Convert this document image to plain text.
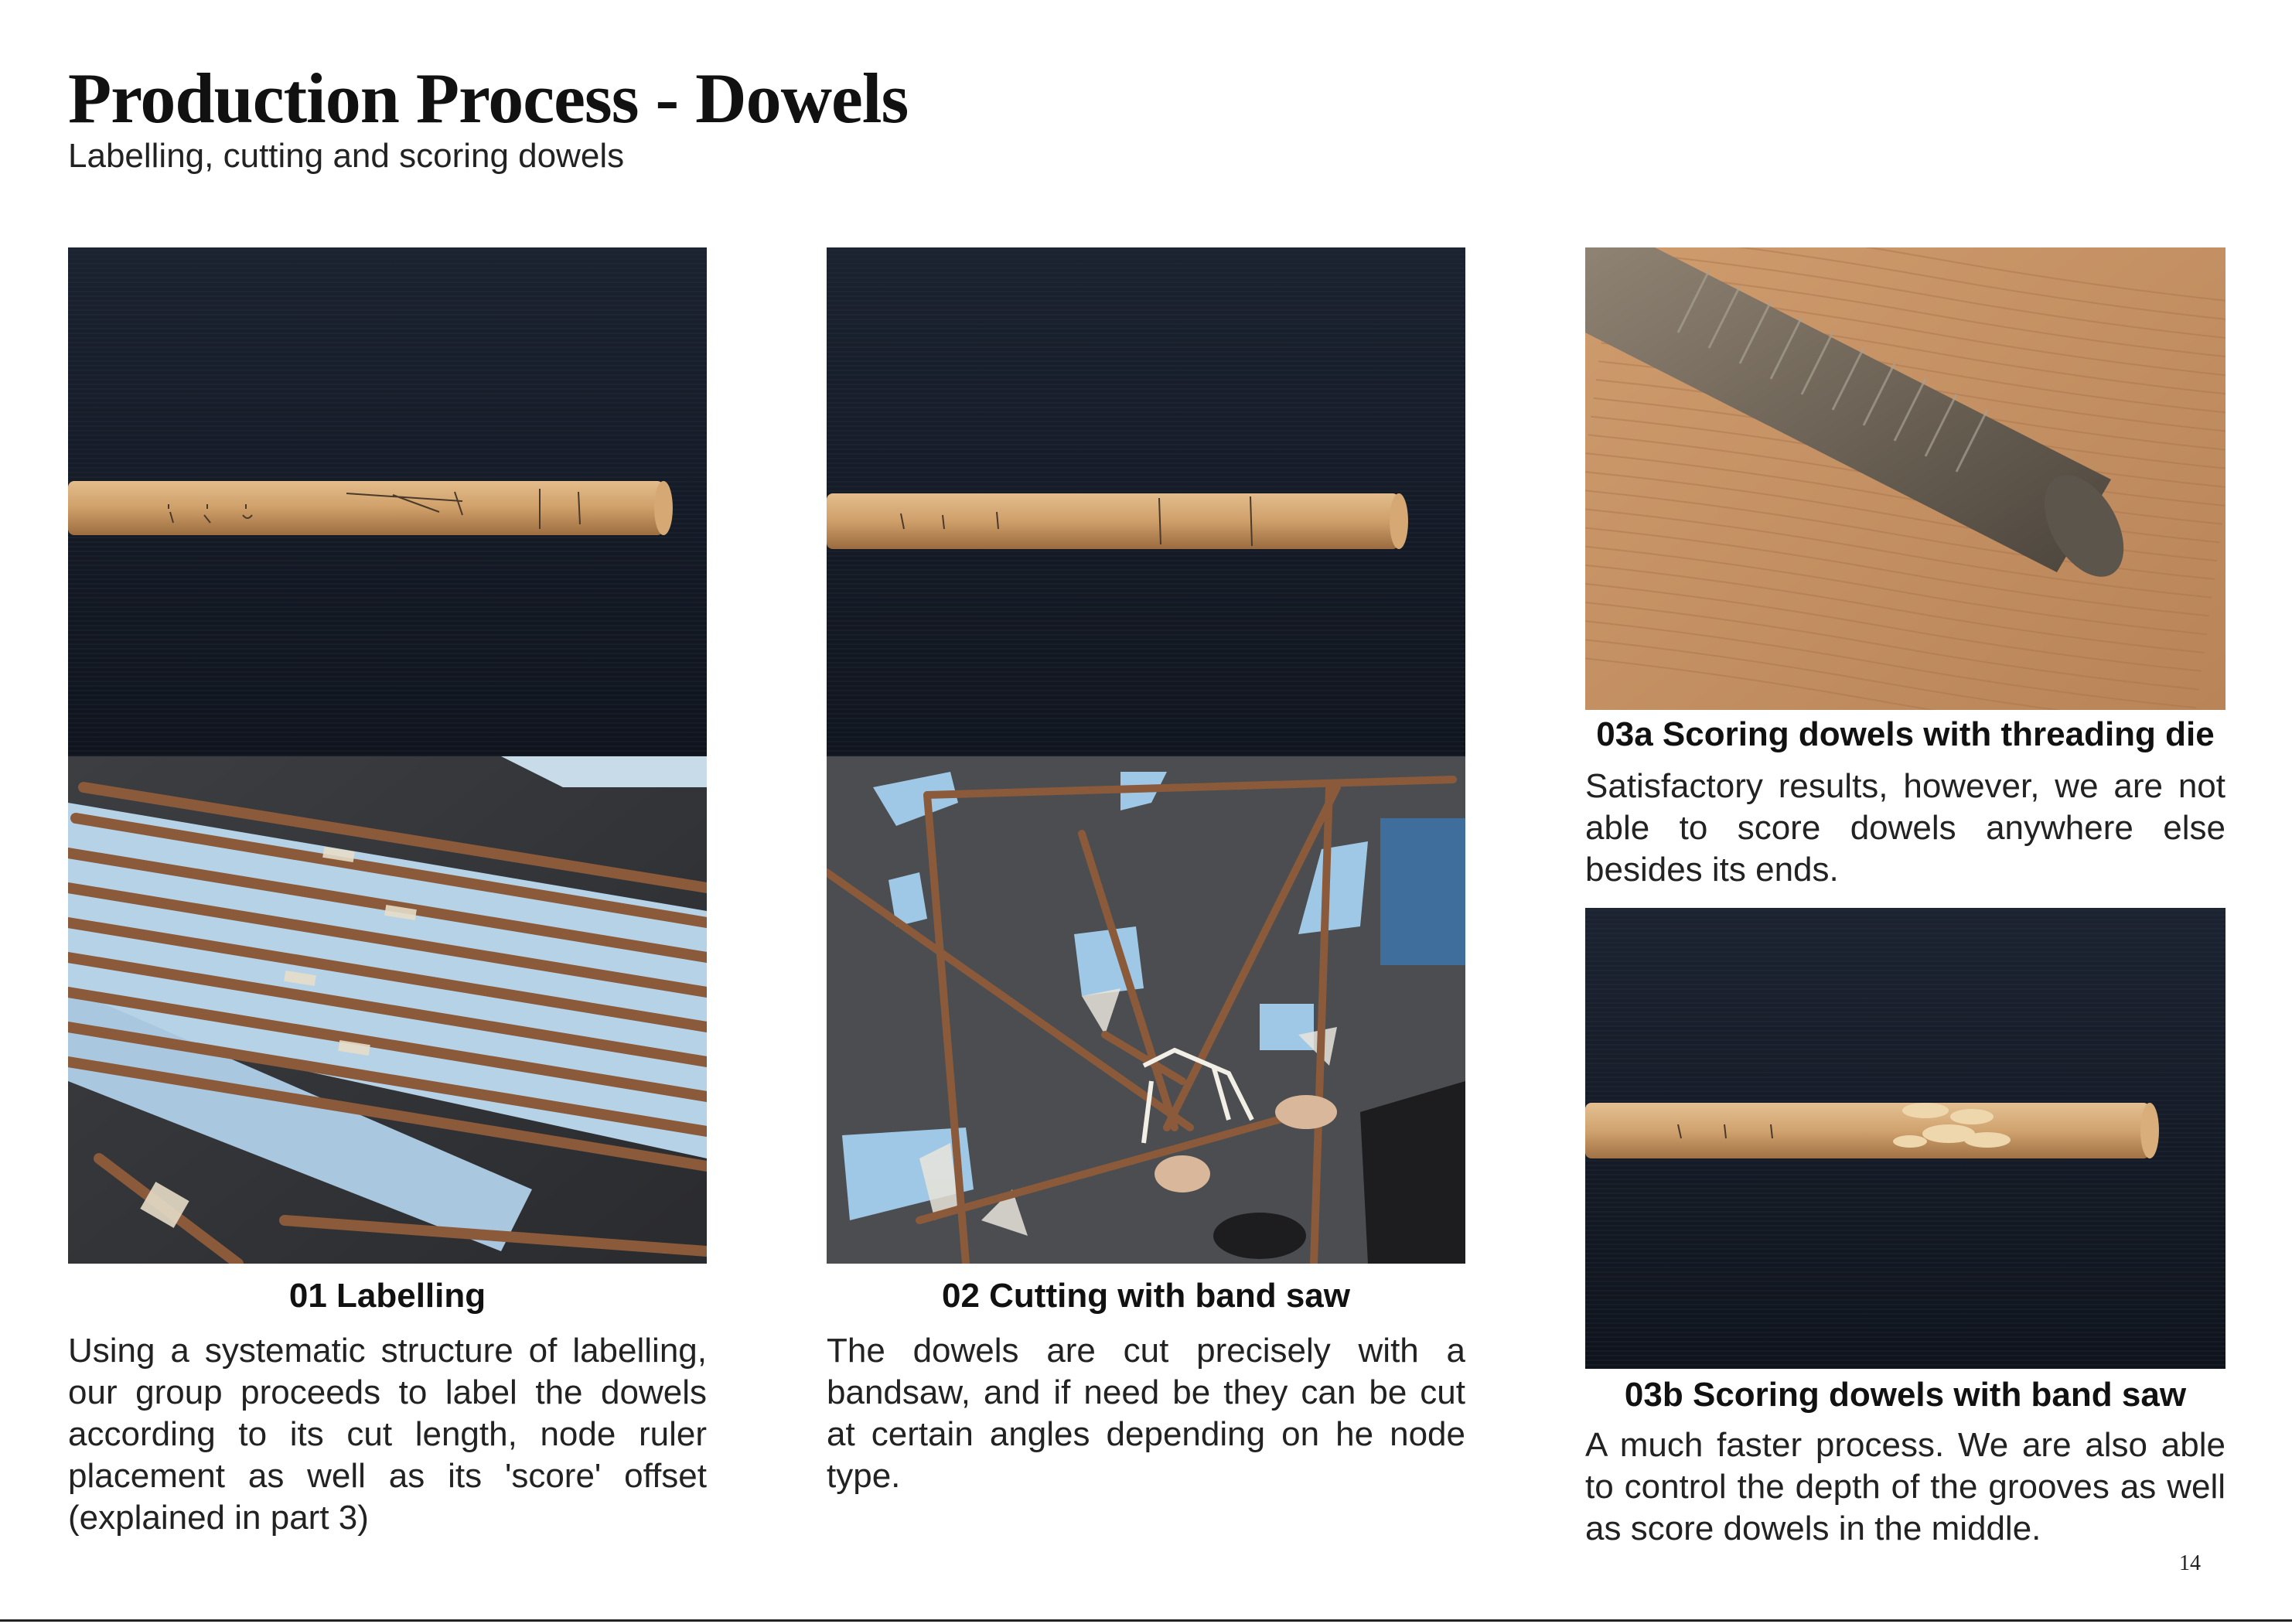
Production Process - Dowels
Labelling, cutting and scoring dowels
01 Labelling
Using a systematic structure of labelling, our group proceeds to label the dowels according to its cut length, node ruler placement as well as its 'score' offset (explained in part 3)
02 Cutting with band saw
The dowels are cut precisely with a bandsaw, and if need be they can be cut at certain angles depending on he node type.
03a Scoring dowels with threading die
Satisfactory results, however, we are not able to score dowels anywhere else besides its ends.
03b Scoring dowels with band saw
A much faster process. We are also able to control the depth of the grooves as well as score dowels in the middle.
14
